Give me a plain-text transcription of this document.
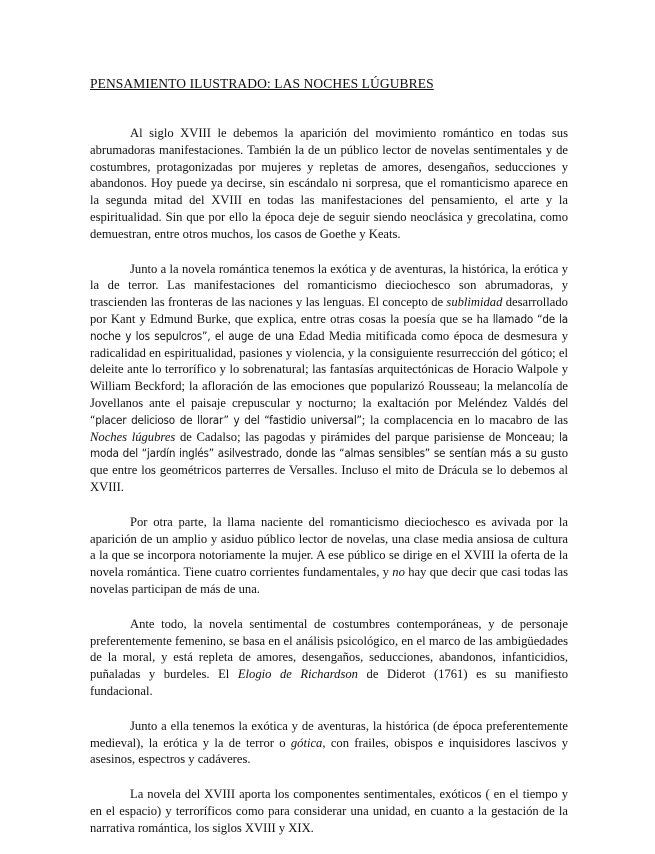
PENSAMIENTO ILUSTRADO: LAS NOCHES LÚGUBRES

Al siglo XVIII le debemos la aparición del movimiento romántico en todas sus abrumadoras manifestaciones. También la de un público lector de novelas sentimentales y de costumbres, protagonizadas por mujeres y repletas de amores, desengaños, seducciones y abandonos. Hoy puede ya decirse, sin escándalo ni sorpresa, que el romanticismo aparece en la segunda mitad del XVIII en todas las manifestaciones del pensamiento, el arte y la espiritualidad. Sin que por ello la época deje de seguir siendo neoclásica y grecolatina, como demuestran, entre otros muchos, los casos de Goethe y Keats.

Junto a la novela romántica tenemos la exótica y de aventuras, la histórica, la erótica y la de terror. Las manifestaciones del romanticismo dieciochesco son abrumadoras, y trascienden las fronteras de las naciones y las lenguas. El concepto de sublimidad desarrollado por Kant y Edmund Burke, que explica, entre otras cosas la poesía que se ha llamado “de la noche y los sepulcros”, el auge de una Edad Media mitificada como época de desmesura y radicalidad en espiritualidad, pasiones y violencia, y la consiguiente resurrección del gótico; el deleite ante lo terrorífico y lo sobrenatural; las fantasías arquitectónicas de Horacio Walpole y William Beckford; la afloración de las emociones que popularizó Rousseau; la melancolía de Jovellanos ante el paisaje crepuscular y nocturno; la exaltación por Meléndez Valdés del “placer delicioso de llorar” y del “fastidio universal”; la complacencia en lo macabro de las Noches lúgubres de Cadalso; las pagodas y pirámides del parque parisiense de Monceau; la moda del “jardín inglés” asilvestrado, donde las “almas sensibles” se sentían más a su gusto que entre los geométricos parterres de Versalles. Incluso el mito de Drácula se lo debemos al XVIII.

Por otra parte, la llama naciente del romanticismo dieciochesco es avivada por la aparición de un amplio y asiduo público lector de novelas, una clase media ansiosa de cultura a la que se incorpora notoriamente la mujer. A ese público se dirige en el XVIII la oferta de la novela romántica. Tiene cuatro corrientes fundamentales, y no hay que decir que casi todas las novelas participan de más de una.

Ante todo, la novela sentimental de costumbres contemporáneas, y de personaje preferentemente femenino, se basa en el análisis psicológico, en el marco de las ambigüedades de la moral, y está repleta de amores, desengaños, seducciones, abandonos, infanticidios, puñaladas y burdeles. El Elogio de Richardson de Diderot (1761) es su manifiesto fundacional.

Junto a ella tenemos la exótica y de aventuras, la histórica (de época preferentemente medieval), la erótica y la de terror o gótica, con frailes, obispos e inquisidores lascivos y asesinos, espectros y cadáveres.

La novela del XVIII aporta los componentes sentimentales, exóticos ( en el tiempo y en el espacio) y terroríficos como para considerar una unidad, en cuanto a la gestación de la narrativa romántica, los siglos XVIII y XIX.
